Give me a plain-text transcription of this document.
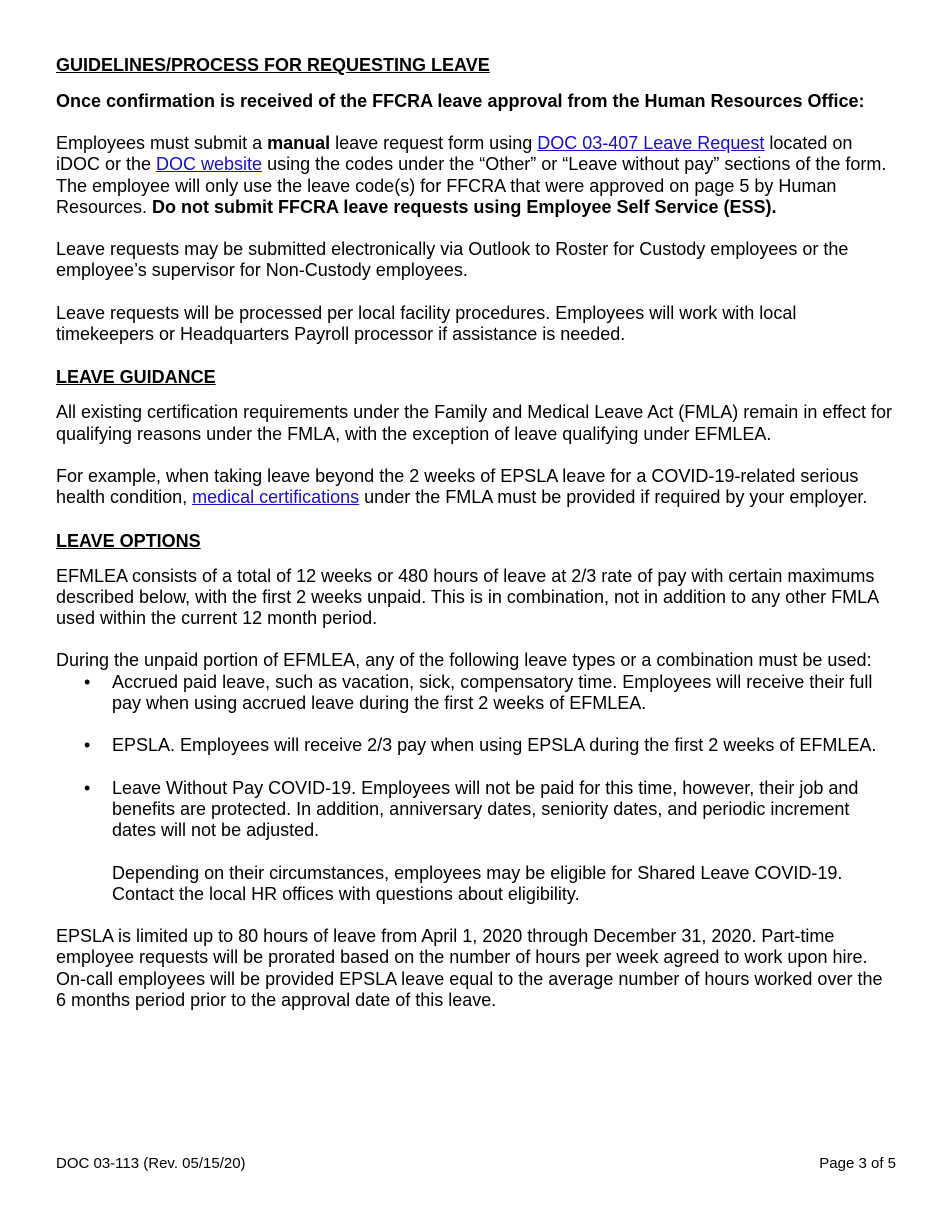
GUIDELINES/PROCESS FOR REQUESTING LEAVE

Once confirmation is received of the FFCRA leave approval from the Human Resources Office:

Employees must submit a manual leave request form using DOC 03-407 Leave Request located on iDOC or the DOC website using the codes under the “Other” or “Leave without pay” sections of the form. The employee will only use the leave code(s) for FFCRA that were approved on page 5 by Human Resources. Do not submit FFCRA leave requests using Employee Self Service (ESS).

Leave requests may be submitted electronically via Outlook to Roster for Custody employees or the employee’s supervisor for Non-Custody employees.

Leave requests will be processed per local facility procedures. Employees will work with local timekeepers or Headquarters Payroll processor if assistance is needed.

LEAVE GUIDANCE

All existing certification requirements under the Family and Medical Leave Act (FMLA) remain in effect for qualifying reasons under the FMLA, with the exception of leave qualifying under EFMLEA.

For example, when taking leave beyond the 2 weeks of EPSLA leave for a COVID-19-related serious health condition, medical certifications under the FMLA must be provided if required by your employer.

LEAVE OPTIONS

EFMLEA consists of a total of 12 weeks or 480 hours of leave at 2/3 rate of pay with certain maximums described below, with the first 2 weeks unpaid. This is in combination, not in addition to any other FMLA used within the current 12 month period.

During the unpaid portion of EFMLEA, any of the following leave types or a combination must be used:

• Accrued paid leave, such as vacation, sick, compensatory time. Employees will receive their full pay when using accrued leave during the first 2 weeks of EFMLEA.
• EPSLA. Employees will receive 2/3 pay when using EPSLA during the first 2 weeks of EFMLEA.
• Leave Without Pay COVID-19. Employees will not be paid for this time, however, their job and benefits are protected. In addition, anniversary dates, seniority dates, and periodic increment dates will not be adjusted.

Depending on their circumstances, employees may be eligible for Shared Leave COVID-19. Contact the local HR offices with questions about eligibility.

EPSLA is limited up to 80 hours of leave from April 1, 2020 through December 31, 2020. Part-time employee requests will be prorated based on the number of hours per week agreed to work upon hire. On-call employees will be provided EPSLA leave equal to the average number of hours worked over the 6 months period prior to the approval date of this leave.

DOC 03-113 (Rev. 05/15/20)	Page 3 of 5
